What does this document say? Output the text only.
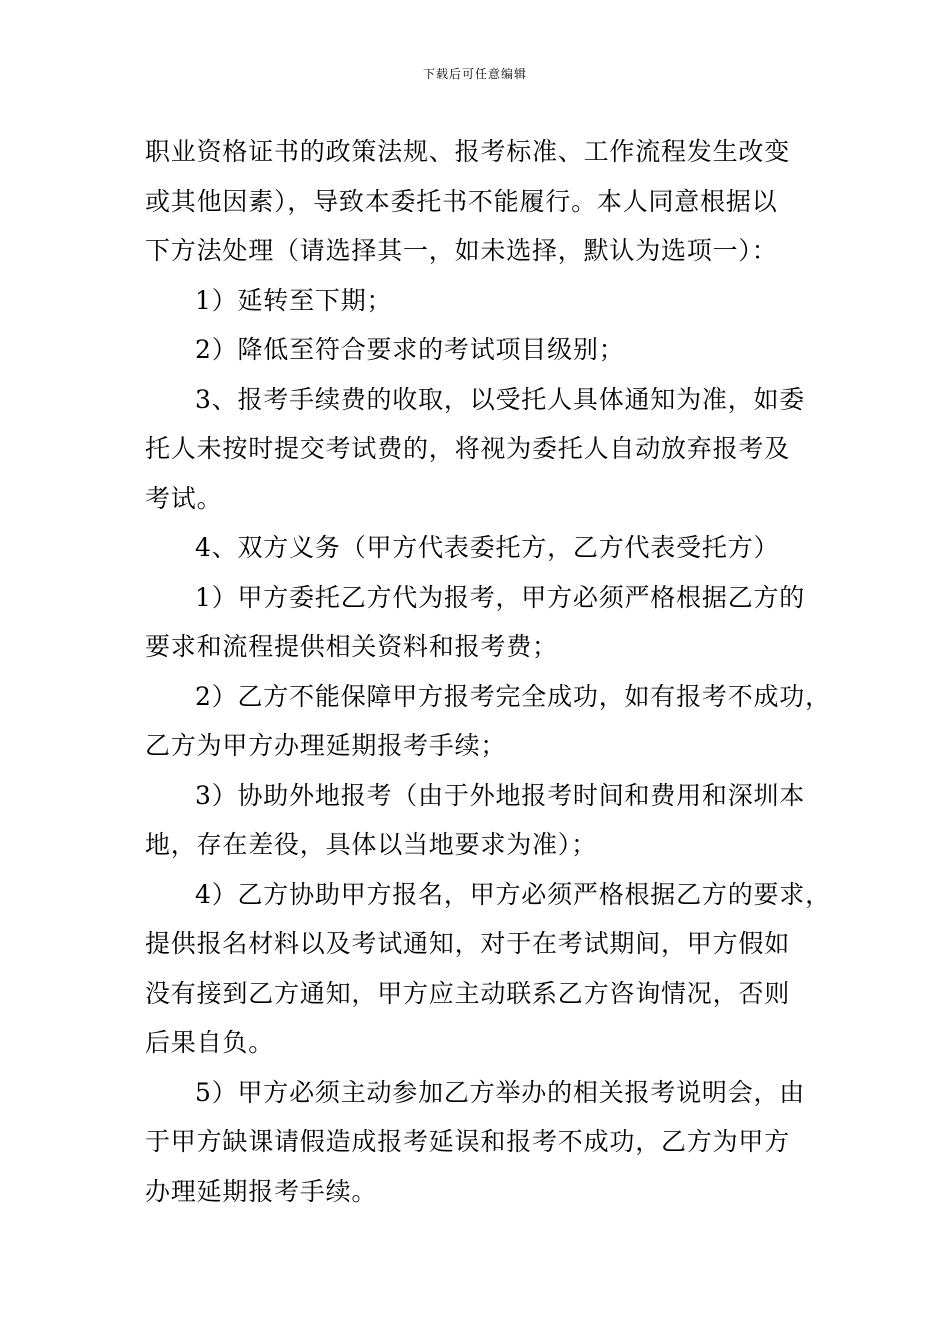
下载后可任意编辑
职业资格证书的政策法规、报考标准、工作流程发生改变
或其他因素），导致本委托书不能履行。本人同意根据以
下方法处理（请选择其一，如未选择，默认为选项一）：
1）延转至下期；
2）降低至符合要求的考试项目级别；
3、报考手续费的收取，以受托人具体通知为准，如委
托人未按时提交考试费的，将视为委托人自动放弃报考及
考试。
4、双方义务（甲方代表委托方，乙方代表受托方）
1）甲方委托乙方代为报考，甲方必须严格根据乙方的
要求和流程提供相关资料和报考费；
2）乙方不能保障甲方报考完全成功，如有报考不成功，
乙方为甲方办理延期报考手续；
3）协助外地报考（由于外地报考时间和费用和深圳本
地，存在差役，具体以当地要求为准）；
4）乙方协助甲方报名，甲方必须严格根据乙方的要求，
提供报名材料以及考试通知，对于在考试期间，甲方假如
没有接到乙方通知，甲方应主动联系乙方咨询情况，否则
后果自负。
5）甲方必须主动参加乙方举办的相关报考说明会，由
于甲方缺课请假造成报考延误和报考不成功，乙方为甲方
办理延期报考手续。
